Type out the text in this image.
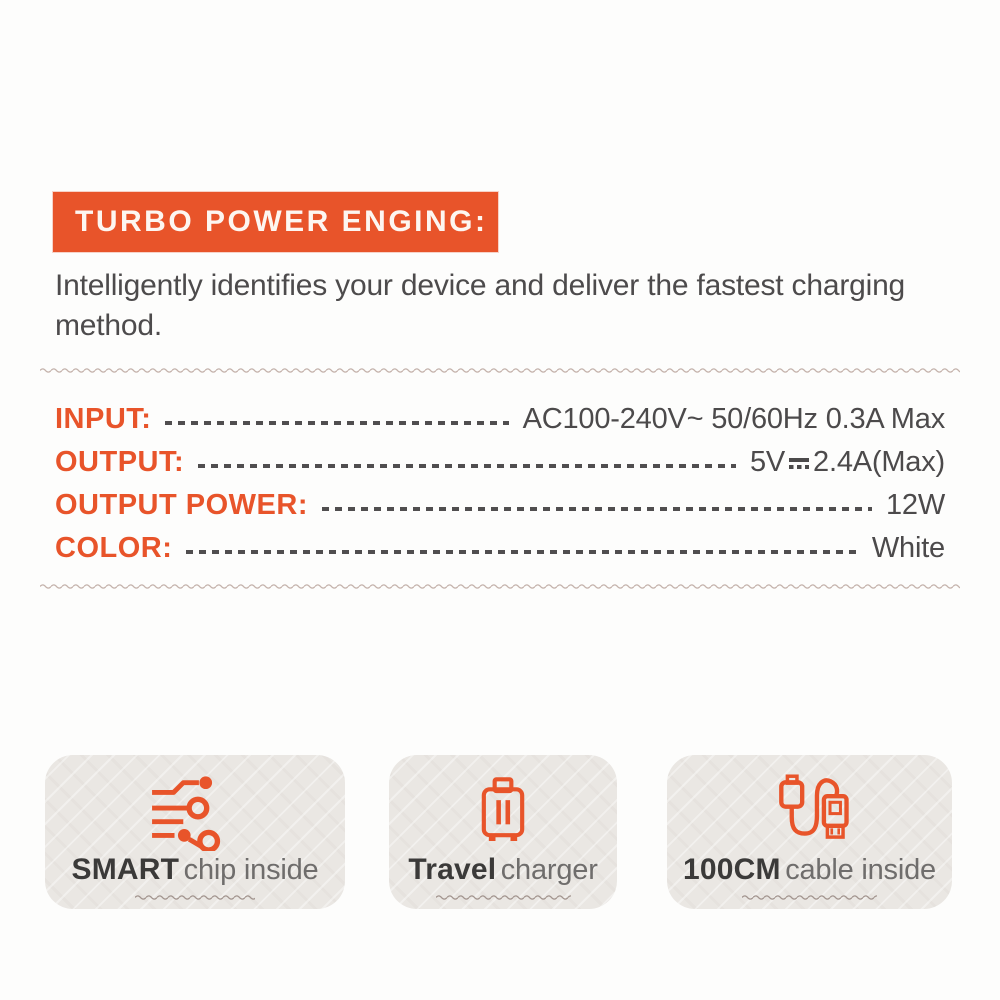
TURBO POWER ENGING:
Intelligently identifies your device and deliver the fastest charging method.
INPUT:	AC100-240V~ 50/60Hz 0.3A Max
OUTPUT:	5V 2.4A(Max)
OUTPUT POWER:	12W
COLOR:	White
SMART chip inside	Travel charger	100CM cable inside
